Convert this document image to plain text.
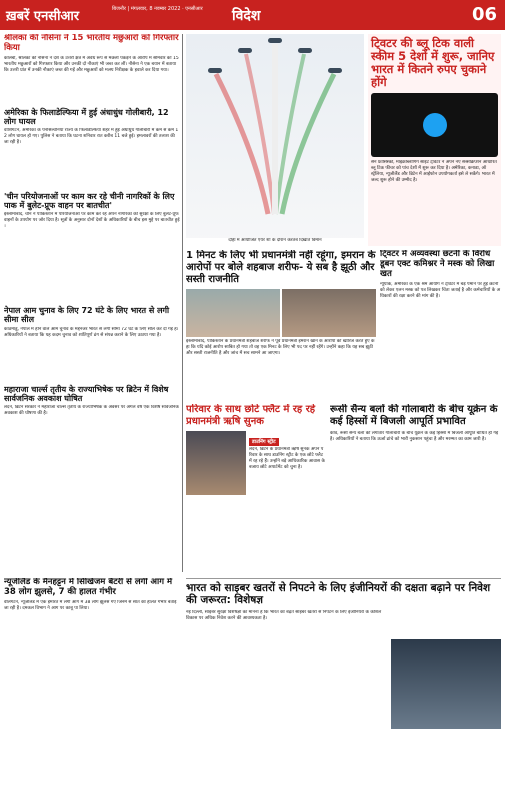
ख़बरें एनसीआर	बिजनौर | मंगलवार, 8 नवम्बर 2022 · एनसीआर	विदेश	06
श्रीलंका की नौसेना ने 15 भारतीय मछुआरों को गिरफ्तार किया
कोलंबो, श्रीलंका की नौसेना ने देश के उत्तरी क्षेत्र में अवैध रूप से मछली पकड़ने के आरोप में सोमवार को 15 भारतीय मछुआरों को गिरफ्तार किया और उनकी दो नौकाएं भी जब्त कर लीं। नौसेना ने एक बयान में बताया कि उत्तरी प्रांत में उनकी नौकाएं जब्त की गईं और मछुआरों को मत्स्य निरीक्षक के हवाले कर दिया गया।
अमेरिका के फिलाडेल्फिया में हुई अंधाधुंध गोलीबारी, 12 लोग घायल
वाशिंगटन, अमेरिका के पेनसिल्वेनिया राज्य के फिलाडेल्फिया शहर में हुई अंधाधुंध गोलीबारी में कम से कम 12 लोग घायल हो गए। पुलिस ने बताया कि घटना शनिवार रात करीब 11 बजे हुई। हमलावरों की तलाश की जा रही है।
'चीन परियोजनाओं पर काम कर रहे चीनी नागरिकों के लिए पाक में बुलेट-प्रूफ वाहन पर बातचीत'
इस्लामाबाद, चीन ने पाकिस्तान में परियोजनाओं पर काम कर रहे अपने नागरिकों की सुरक्षा के लिए बुलेट-प्रूफ वाहनों के उपयोग पर जोर दिया है। सूत्रों के अनुसार दोनों देशों के अधिकारियों के बीच इस मुद्दे पर बातचीत हुई।
नेपाल आम चुनाव के लिए 72 घंटे के लिए भारत से लगी सीमा सील
काठमांडू, नेपाल में होने वाले आम चुनाव के मद्देनजर भारत से लगी सीमा 72 घंटे के लिए सील कर दी गई है। अधिकारियों ने बताया कि यह कदम चुनाव को शांतिपूर्ण ढंग से संपन्न कराने के लिए उठाया गया है।
महाराजा चार्ल्स तृतीय के राज्याभिषेक पर ब्रिटेन में विशेष सार्वजनिक अवकाश घोषित
लंदन, ब्रिटेन सरकार ने महाराजा चार्ल्स तृतीय के राज्याभिषेक के अवसर पर अगले वर्ष एक विशेष सार्वजनिक अवकाश की घोषणा की है।
दोहा में आयोजित एयर शो के दौरान करतब दिखाते विमान
टि्वटर की ब्लू टिक वाली स्कीम 5 देशों में शुरू, जानिए भारत में कितने रुपए चुकाने होंगे
सैन फ्रांसिस्को, माइक्रोब्लॉगिंग साइट ट्विटर ने अपने नए सब्सक्रिप्शन आधारित ब्लू टिक फीचर को पांच देशों में शुरू कर दिया है। अमेरिका, कनाडा, ऑस्ट्रेलिया, न्यूजीलैंड और ब्रिटेन में आईफोन उपयोगकर्ता इसे ले सकेंगे। भारत में जल्द शुरू होने की उम्मीद है।
1 मिनट के लिए भी प्रधानमंत्री नहीं रहूंगा, इमरान के आरोपों पर बोले शहबाज शरीफ- ये सब है झूठी और सस्ती राजनीति
इस्लामाबाद, पाकिस्तान के प्रधानमंत्री शहबाज शरीफ ने पूर्व प्रधानमंत्री इमरान खान के आरोपों को खारिज करते हुए कहा कि यदि कोई आरोप साबित हो गया तो वह एक मिनट के लिए भी पद पर नहीं रहेंगे। उन्होंने कहा कि यह सब झूठी और सस्ती राजनीति है और जांच में सच सामने आ जाएगा।
टि्वटर में अव्यवस्था छंटनी के विरोध डूबन एक्ट कमिश्नर ने मस्क को लिखा खत
न्यूयॉर्क, अमेरिका के एक श्रम आयोग ने ट्विटर में बड़े पैमाने पर हुई छंटनी को लेकर एलन मस्क को पत्र लिखकर चिंता जताई है और कर्मचारियों के अधिकारों की रक्षा करने की मांग की है।
परिवार के साथ छोटे फ्लैट में रह रहे प्रधानमंत्री ऋषि सुनक
डाउनिंग स्ट्रीट
लंदन, ब्रिटेन के प्रधानमंत्री ऋषि सुनक अपने परिवार के साथ डाउनिंग स्ट्रीट के एक छोटे फ्लैट में रह रहे हैं। उन्होंने बड़े आधिकारिक आवास के बजाय छोटे अपार्टमेंट को चुना है।
रूसी सैन्य बलों की गोलाबारी के बीच यूक्रेन के कई हिस्सों में बिजली आपूर्ति प्रभावित
कीव, रूसी सैन्य बलों की लगातार गोलाबारी के बीच यूक्रेन के कई हिस्सों में बिजली आपूर्ति बाधित हो गई है। अधिकारियों ने बताया कि ऊर्जा ढांचे को भारी नुकसान पहुंचा है और मरम्मत का काम जारी है।
न्यूजीलैंड के मैनहट्टन में सिखिजम बैटरी से लगी आग में 38 लोग झुलसे, 7 की हालत गंभीर
वेलिंगटन, न्यूजीलैंड में एक इमारत में लगी आग में 38 लोग झुलस गए जिनमें से सात की हालत गंभीर बताई जा रही है। दमकल विभाग ने आग पर काबू पा लिया।
भारत को साइबर खतरों से निपटने के लिए इंजीनियरों की दक्षता बढ़ाने पर निवेश की जरूरत: विशेषज्ञ
नई दिल्ली, साइबर सुरक्षा विशेषज्ञों का मानना है कि भारत को बढ़ते साइबर खतरों से निपटने के लिए इंजीनियरों के कौशल विकास पर अधिक निवेश करने की आवश्यकता है।
